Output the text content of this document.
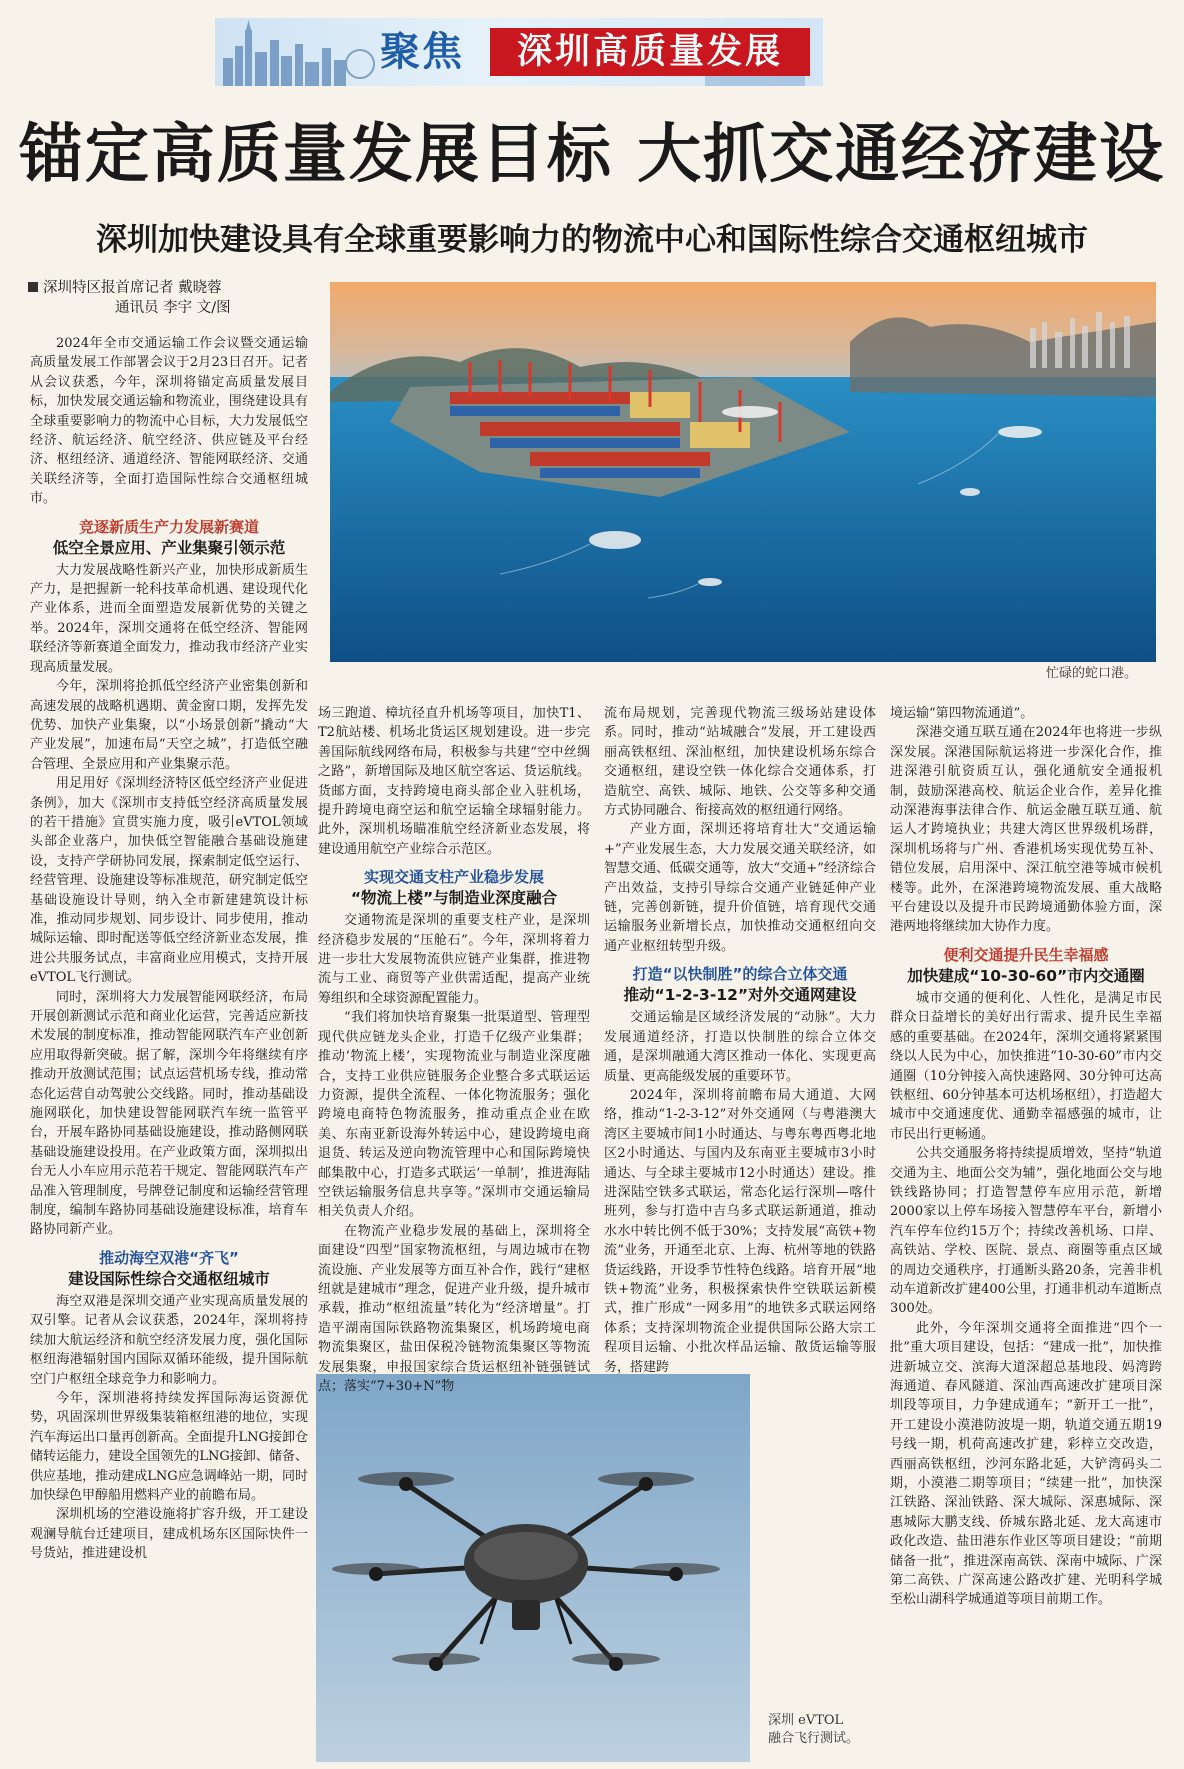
聚焦	深圳高质量发展
锚定高质量发展目标 大抓交通经济建设
深圳加快建设具有全球重要影响力的物流中心和国际性综合交通枢纽城市
深圳特区报首席记者 戴晓蓉
通讯员 李宇 文/图
忙碌的蛇口港。
深圳 eVTOL
融合飞行测试。

2024年全市交通运输工作会议暨交通运输高质量发展工作部署会议于2月23日召开。记者从会议获悉，今年，深圳将锚定高质量发展目标，加快发展交通运输和物流业，围绕建设具有全球重要影响力的物流中心目标，大力发展低空经济、航运经济、航空经济、供应链及平台经济、枢纽经济、通道经济、智能网联经济、交通关联经济等，全面打造国际性综合交通枢纽城市。

竞逐新质生产力发展新赛道
低空全景应用、产业集聚引领示范

大力发展战略性新兴产业，加快形成新质生产力，是把握新一轮科技革命机遇、建设现代化产业体系，进而全面塑造发展新优势的关键之举。2024年，深圳交通将在低空经济、智能网联经济等新赛道全面发力，推动我市经济产业实现高质量发展。

今年，深圳将抢抓低空经济产业密集创新和高速发展的战略机遇期、黄金窗口期，发挥先发优势、加快产业集聚，以“小场景创新”撬动“大产业发展”，加速布局“天空之城”，打造低空融合管理、全景应用和产业集聚示范。

用足用好《深圳经济特区低空经济产业促进条例》，加大《深圳市支持低空经济高质量发展的若干措施》宣贯实施力度，吸引eVTOL领域头部企业落户，加快低空智能融合基础设施建设，支持产学研协同发展，探索制定低空运行、经营管理、设施建设等标准规范，研究制定低空基础设施设计导则，纳入全市新建建筑设计标准，推动同步规划、同步设计、同步使用，推动城际运输、即时配送等低空经济新业态发展，推进公共服务试点，丰富商业应用模式，支持开展eVTOL飞行测试。

同时，深圳将大力发展智能网联经济，布局开展创新测试示范和商业化运营，完善适应新技术发展的制度标准，推动智能网联汽车产业创新应用取得新突破。据了解，深圳今年将继续有序推动开放测试范围；试点运营机场专线，推动常态化运营自动驾驶公交线路。同时，推动基础设施网联化，加快建设智能网联汽车统一监管平台，开展车路协同基础设施建设，推动路侧网联基础设施建设投用。在产业政策方面，深圳拟出台无人小车应用示范若干规定、智能网联汽车产品准入管理制度，号牌登记制度和运输经营管理制度，编制车路协同基础设施建设标准，培育车路协同新产业。

推动海空双港“齐飞”
建设国际性综合交通枢纽城市

海空双港是深圳交通产业实现高质量发展的双引擎。记者从会议获悉，2024年，深圳将持续加大航运经济和航空经济发展力度，强化国际枢纽海港辐射国内国际双循环能级，提升国际航空门户枢纽全球竞争力和影响力。

今年，深圳港将持续发挥国际海运资源优势，巩固深圳世界级集装箱枢纽港的地位，实现汽车海运出口量再创新高。全面提升LNG接卸仓储转运能力，建设全国领先的LNG接卸、储备、供应基地，推动建成LNG应急调峰站一期，同时加快绿色甲醇船用燃料产业的前瞻布局。

深圳机场的空港设施将扩容升级，开工建设观澜导航台迁建项目，建成机场东区国际快件一号货站，推进建设机

场三跑道、樟坑径直升机场等项目，加快T1、T2航站楼、机场北货运区规划建设。进一步完善国际航线网络布局，积极参与共建“空中丝绸之路”，新增国际及地区航空客运、货运航线。货邮方面，支持跨境电商头部企业入驻机场，提升跨境电商空运和航空运输全球辐射能力。此外，深圳机场瞄准航空经济新业态发展，将建设通用航空产业综合示范区。

实现交通支柱产业稳步发展
“物流上楼”与制造业深度融合

交通物流是深圳的重要支柱产业，是深圳经济稳步发展的“压舱石”。今年，深圳将着力进一步壮大发展物流供应链产业集群，推进物流与工业、商贸等产业供需适配，提高产业统筹组织和全球资源配置能力。

“我们将加快培育聚集一批渠道型、管理型现代供应链龙头企业，打造千亿级产业集群；推动‘物流上楼’，实现物流业与制造业深度融合，支持工业供应链服务企业整合多式联运运力资源，提供全流程、一体化物流服务；强化跨境电商特色物流服务，推动重点企业在欧美、东南亚新设海外转运中心，建设跨境电商退货、转运及逆向物流管理中心和国际跨境快邮集散中心，打造多式联运‘一单制’，推进海陆空铁运输服务信息共享等。”深圳市交通运输局相关负责人介绍。

在物流产业稳步发展的基础上，深圳将全面建设“四型”国家物流枢纽，与周边城市在物流设施、产业发展等方面互补合作，践行“建枢纽就是建城市”理念，促进产业升级，提升城市承载，推动“枢纽流量”转化为“经济增量”。打造平湖南国际铁路物流集聚区，机场跨境电商物流集聚区，盐田保税冷链物流集聚区等物流发展集聚，申报国家综合货运枢纽补链强链试点；落实“7+30+N”物

流布局规划，完善现代物流三级场站建设体系。同时，推动“站城融合”发展，开工建设西丽高铁枢纽、深汕枢纽，加快建设机场东综合交通枢纽，建设空铁一体化综合交通体系，打造航空、高铁、城际、地铁、公交等多种交通方式协同融合、衔接高效的枢纽通行网络。

产业方面，深圳还将培育壮大“交通运输+”产业发展生态，大力发展交通关联经济，如智慧交通、低碳交通等，放大“交通+”经济综合产出效益，支持引导综合交通产业链延伸产业链，完善创新链，提升价值链，培育现代交通运输服务业新增长点，加快推动交通枢纽向交通产业枢纽转型升级。

打造“以快制胜”的综合立体交通
推动“1-2-3-12”对外交通网建设

交通运输是区域经济发展的“动脉”。大力发展通道经济，打造以快制胜的综合立体交通，是深圳融通大湾区推动一体化、实现更高质量、更高能级发展的重要环节。

2024年，深圳将前瞻布局大通道、大网络，推动“1-2-3-12”对外交通网（与粤港澳大湾区主要城市间1小时通达、与粤东粤西粤北地区2小时通达、与国内及东南亚主要城市3小时通达、与全球主要城市12小时通达）建设。推进深陆空铁多式联运，常态化运行深圳—喀什班列，参与打造中吉乌多式联运新通道，推动水水中转比例不低于30%；支持发展“高铁+物流”业务，开通至北京、上海、杭州等地的铁路货运线路，开设季节性特色线路。培育开展“地铁+物流”业务，积极探索快件空铁联运新模式，推广形成“一网多用”的地铁多式联运网络体系；支持深圳物流企业提供国际公路大宗工程项目运输、小批次样品运输、散货运输等服务，搭建跨

境运输“第四物流通道”。

深港交通互联互通在2024年也将进一步纵深发展。深港国际航运将进一步深化合作，推进深港引航资质互认，强化通航安全通报机制，鼓励深港高校、航运企业合作，差异化推动深港海事法律合作、航运金融互联互通、航运人才跨境执业；共建大湾区世界级机场群，深圳机场将与广州、香港机场实现优势互补、错位发展，启用深中、深江航空港等城市候机楼等。此外，在深港跨境物流发展、重大战略平台建设以及提升市民跨境通勤体验方面，深港两地将继续加大协作力度。

便利交通提升民生幸福感
加快建成“10-30-60”市内交通圈

城市交通的便利化、人性化，是满足市民群众日益增长的美好出行需求、提升民生幸福感的重要基础。在2024年，深圳交通将紧紧围绕以人民为中心，加快推进“10-30-60”市内交通圈（10分钟接入高快速路网、30分钟可达高铁枢纽、60分钟基本可达机场枢纽），打造超大城市中交通速度优、通勤幸福感强的城市，让市民出行更畅通。

公共交通服务将持续提质增效，坚持“轨道交通为主、地面公交为辅”，强化地面公交与地铁线路协同；打造智慧停车应用示范，新增2000家以上停车场接入智慧停车平台，新增小汽车停车位约15万个；持续改善机场、口岸、高铁站、学校、医院、景点、商圈等重点区域的周边交通秩序，打通断头路20条，完善非机动车道新改扩建400公里，打通非机动车道断点300处。

此外，今年深圳交通将全面推进“四个一批”重大项目建设，包括：“建成一批”，加快推进新城立交、滨海大道深超总基地段、妈湾跨海通道、春风隧道、深汕西高速改扩建项目深圳段等项目，力争建成通车；“新开工一批”，开工建设小漠港防波堤一期，轨道交通五期19号线一期，机荷高速改扩建，彩梓立交改造，西丽高铁枢纽，沙河东路北延，大铲湾码头二期，小漠港二期等项目；“续建一批”，加快深江铁路、深汕铁路、深大城际、深惠城际、深惠城际大鹏支线、侨城东路北延、龙大高速市政化改造、盐田港东作业区等项目建设；“前期储备一批”，推进深南高铁、深南中城际、广深第二高铁、广深高速公路改扩建、光明科学城至松山湖科学城通道等项目前期工作。
